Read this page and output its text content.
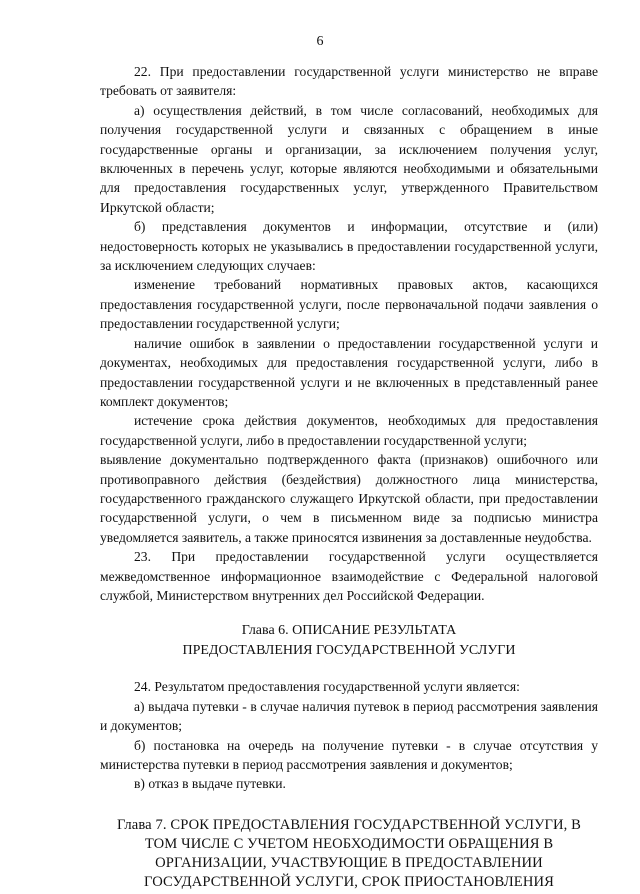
6

22. При предоставлении государственной услуги министерство не вправе требовать от заявителя:

а) осуществления действий, в том числе согласований, необходимых для получения государственной услуги и связанных с обращением в иные государственные органы и организации, за исключением получения услуг, включенных в перечень услуг, которые являются необходимыми и обязательными для предоставления государственных услуг, утвержденного Правительством Иркутской области;

б) представления документов и информации, отсутствие и (или) недостоверность которых не указывались в предоставлении государственной услуги, за исключением следующих случаев:

изменение требований нормативных правовых актов, касающихся предоставления государственной услуги, после первоначальной подачи заявления о предоставлении государственной услуги;

наличие ошибок в заявлении о предоставлении государственной услуги и документах, необходимых для предоставления государственной услуги, либо в предоставлении государственной услуги и не включенных в представленный ранее комплект документов;

истечение срока действия документов, необходимых для предоставления государственной услуги, либо в предоставлении государственной услуги;

выявление документально подтвержденного факта (признаков) ошибочного или противоправного действия (бездействия) должностного лица министерства, государственного гражданского служащего Иркутской области, при предоставлении государственной услуги, о чем в письменном виде за подписью министра уведомляется заявитель, а также приносятся извинения за доставленные неудобства.

23. При предоставлении государственной услуги осуществляется межведомственное информационное взаимодействие с Федеральной налоговой службой, Министерством внутренних дел Российской Федерации.

Глава 6. ОПИСАНИЕ РЕЗУЛЬТАТА
ПРЕДОСТАВЛЕНИЯ ГОСУДАРСТВЕННОЙ УСЛУГИ

24. Результатом предоставления государственной услуги является:

а) выдача путевки - в случае наличия путевок в период рассмотрения заявления и документов;

б) постановка на очередь на получение путевки - в случае отсутствия у министерства путевки в период рассмотрения заявления и документов;

в) отказ в выдаче путевки.

Глава 7. СРОК ПРЕДОСТАВЛЕНИЯ ГОСУДАРСТВЕННОЙ УСЛУГИ, В
ТОМ ЧИСЛЕ С УЧЕТОМ НЕОБХОДИМОСТИ ОБРАЩЕНИЯ В
ОРГАНИЗАЦИИ, УЧАСТВУЮЩИЕ В ПРЕДОСТАВЛЕНИИ
ГОСУДАРСТВЕННОЙ УСЛУГИ, СРОК ПРИОСТАНОВЛЕНИЯ
